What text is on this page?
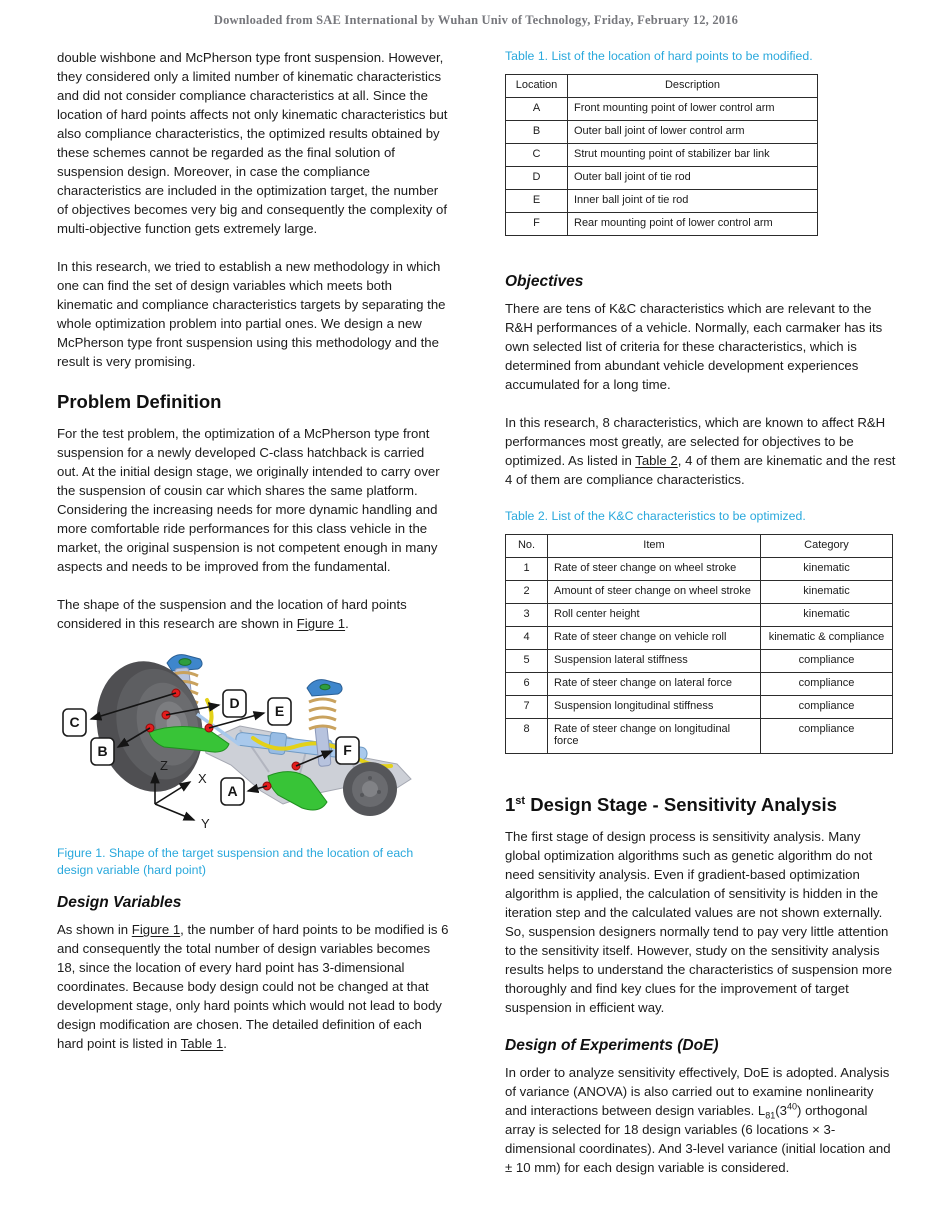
Downloaded from SAE International by Wuhan Univ of Technology, Friday, February 12, 2016

double wishbone and McPherson type front suspension. However, they considered only a limited number of kinematic characteristics and did not consider compliance characteristics at all. Since the location of hard points affects not only kinematic characteristics but also compliance characteristics, the optimized results obtained by these schemes cannot be regarded as the final solution of suspension design. Moreover, in case the compliance characteristics are included in the optimization target, the number of objectives becomes very big and consequently the complexity of multi-objective function gets extremely large.

In this research, we tried to establish a new methodology in which one can find the set of design variables which meets both kinematic and compliance characteristics targets by separating the whole optimization problem into partial ones. We design a new McPherson type front suspension using this methodology and the result is very promising.

Problem Definition

For the test problem, the optimization of a McPherson type front suspension for a newly developed C-class hatchback is carried out. At the initial design stage, we originally intended to carry over the suspension of cousin car which shares the same platform. Considering the increasing needs for more dynamic handling and more comfortable ride performances for this class vehicle in the market, the original suspension is not competent enough in many aspects and needs to be improved from the fundamental.

The shape of the suspension and the location of hard points considered in this research are shown in Figure 1.

C
B
D	E
F
A
Z
X
Y

Figure 1. Shape of the target suspension and the location of each design variable (hard point)

Design Variables

As shown in Figure 1, the number of hard points to be modified is 6 and consequently the total number of design variables becomes 18, since the location of every hard point has 3-dimensional coordinates. Because body design could not be changed at that development stage, only hard points which would not lead to body design modification are chosen. The detailed definition of each hard point is listed in Table 1.

Table 1. List of the location of hard points to be modified.

Location	Description
A	Front mounting point of lower control arm
B	Outer ball joint of lower control arm
C	Strut mounting point of stabilizer bar link
D	Outer ball joint of tie rod
E	Inner ball joint of tie rod
F	Rear mounting point of lower control arm
Objectives

There are tens of K&C characteristics which are relevant to the R&H performances of a vehicle. Normally, each carmaker has its own selected list of criteria for these characteristics, which is determined from abundant vehicle development experiences accumulated for a long time.

In this research, 8 characteristics, which are known to affect R&H performances most greatly, are selected for objectives to be optimized. As listed in Table 2, 4 of them are kinematic and the rest 4 of them are compliance characteristics.

Table 2. List of the K&C characteristics to be optimized.

No.	Item	Category
1	Rate of steer change on wheel stroke	kinematic
2	Amount of steer change on wheel stroke	kinematic
3	Roll center height	kinematic
4	Rate of steer change on vehicle roll	kinematic & compliance
5	Suspension lateral stiffness	compliance
6	Rate of steer change on lateral force	compliance
7	Suspension longitudinal stiffness	compliance
8	Rate of steer change on longitudinal force	compliance
1st Design Stage - Sensitivity Analysis

The first stage of design process is sensitivity analysis. Many global optimization algorithms such as genetic algorithm do not need sensitivity analysis. Even if gradient-based optimization algorithm is applied, the calculation of sensitivity is hidden in the iteration step and the calculated values are not shown externally. So, suspension designers normally tend to pay very little attention to the sensitivity itself. However, study on the sensitivity analysis results helps to understand the characteristics of suspension more thoroughly and find key clues for the improvement of target suspension in efficient way.

Design of Experiments (DoE)

In order to analyze sensitivity effectively, DoE is adopted. Analysis of variance (ANOVA) is also carried out to examine nonlinearity and interactions between design variables. $L_{81}(3^{40})$ orthogonal array is selected for 18 design variables (6 locations × 3-dimensional coordinates). And 3-level variance (initial location and ± 10 mm) for each design variable is considered.
